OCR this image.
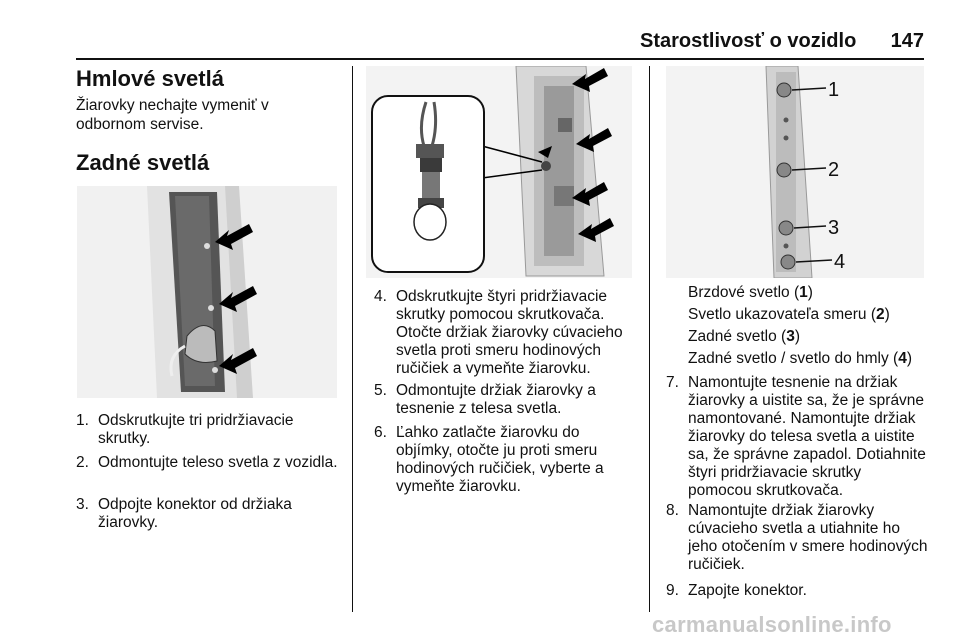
Starostlivosť o vozidlo 147
Hmlové svetlá
Žiarovky nechajte vymeniť v odbornom servise.
Zadné svetlá
1. Odskrutkujte tri pridržiavacie skrutky.
2. Odmontujte teleso svetla z vozidla.
3. Odpojte konektor od držiaka žiarovky.
4. Odskrutkujte štyri pridržiavacie skrutky pomocou skrutkovača. Otočte držiak žiarovky cúvacieho svetla proti smeru hodinových ručičiek a vymeňte žiarovku.
5. Odmontujte držiak žiarovky a tesnenie z telesa svetla.
6. Ľahko zatlačte žiarovku do objímky, otočte ju proti smeru hodinových ručičiek, vyberte a vymeňte žiarovku.
1
2
3
4
Brzdové svetlo (1)
Svetlo ukazovateľa smeru (2)
Zadné svetlo (3)
Zadné svetlo / svetlo do hmly (4)
7. Namontujte tesnenie na držiak žiarovky a uistite sa, že je správne namontované. Namontujte držiak žiarovky do telesa svetla a uistite sa, že správne zapadol. Dotiahnite štyri pridržiavacie skrutky pomocou skrutkovača.
8. Namontujte držiak žiarovky cúvacieho svetla a utiahnite ho jeho otočením v smere hodinových ručičiek.
9. Zapojte konektor.
carmanualsonline.info
